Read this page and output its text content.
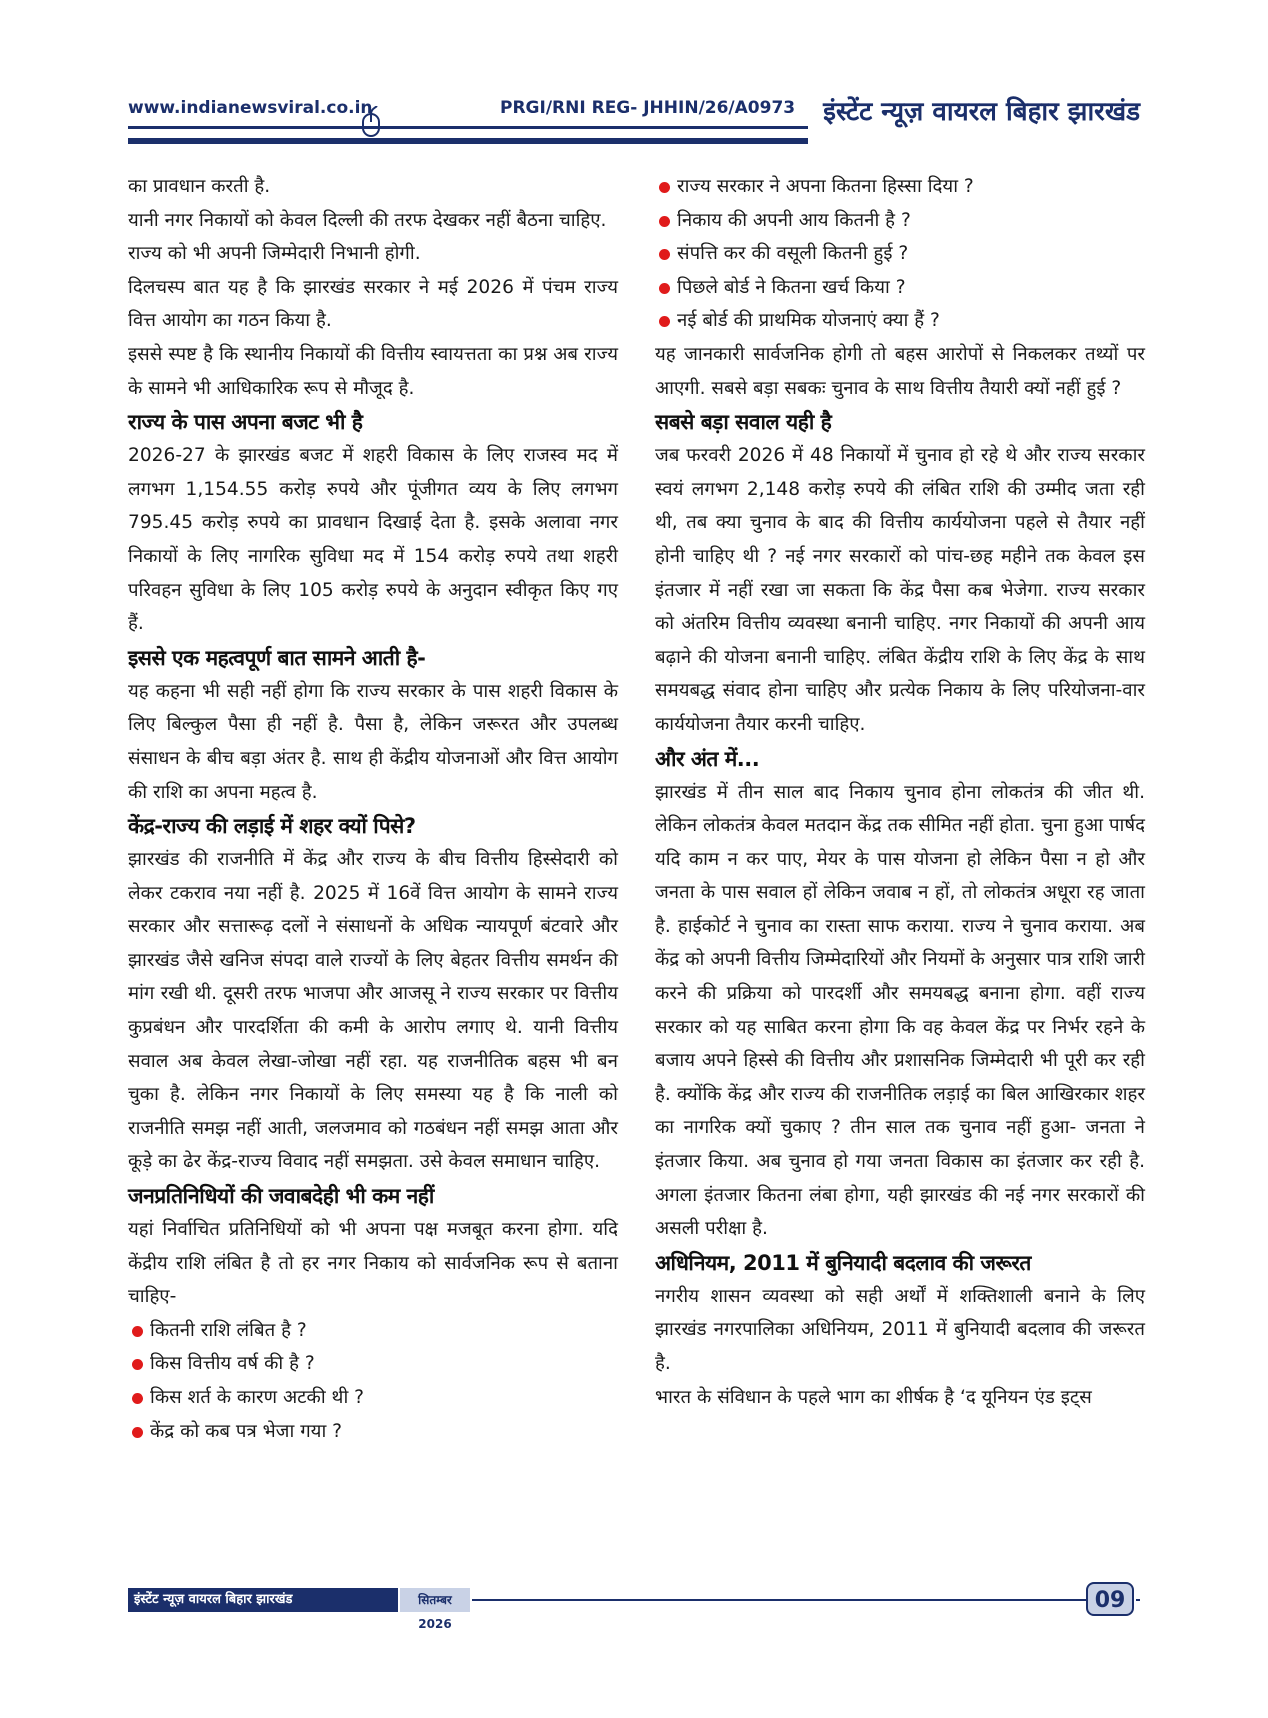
www.indianewsviral.co.in	PRGI/RNI REG- JHHIN/26/A0973 इंस्टेंट न्यूज़ वायरल बिहार झारखंड

का प्रावधान करती है.

यानी नगर निकायों को केवल दिल्ली की तरफ देखकर नहीं बैठना चाहिए.

राज्य को भी अपनी जिम्मेदारी निभानी होगी.

दिलचस्प बात यह है कि झारखंड सरकार ने मई 2026 में पंचम राज्य वित्त आयोग का गठन किया है.

इससे स्पष्ट है कि स्थानीय निकायों की वित्तीय स्वायत्तता का प्रश्न अब राज्य के सामने भी आधिकारिक रूप से मौजूद है.

राज्य के पास अपना बजट भी है

2026-27 के झारखंड बजट में शहरी विकास के लिए राजस्व मद में लगभग 1,154.55 करोड़ रुपये और पूंजीगत व्यय के लिए लगभग 795.45 करोड़ रुपये का प्रावधान दिखाई देता है. इसके अलावा नगर निकायों के लिए नागरिक सुविधा मद में 154 करोड़ रुपये तथा शहरी परिवहन सुविधा के लिए 105 करोड़ रुपये के अनुदान स्वीकृत किए गए हैं.

इससे एक महत्वपूर्ण बात सामने आती है-

यह कहना भी सही नहीं होगा कि राज्य सरकार के पास शहरी विकास के लिए बिल्कुल पैसा ही नहीं है. पैसा है, लेकिन जरूरत और उपलब्ध संसाधन के बीच बड़ा अंतर है. साथ ही केंद्रीय योजनाओं और वित्त आयोग की राशि का अपना महत्व है.

केंद्र-राज्य की लड़ाई में शहर क्यों पिसे?

झारखंड की राजनीति में केंद्र और राज्य के बीच वित्तीय हिस्सेदारी को लेकर टकराव नया नहीं है. 2025 में 16वें वित्त आयोग के सामने राज्य सरकार और सत्तारूढ़ दलों ने संसाधनों के अधिक न्यायपूर्ण बंटवारे और झारखंड जैसे खनिज संपदा वाले राज्यों के लिए बेहतर वित्तीय समर्थन की मांग रखी थी. दूसरी तरफ भाजपा और आजसू ने राज्य सरकार पर वित्तीय कुप्रबंधन और पारदर्शिता की कमी के आरोप लगाए थे. यानी वित्तीय सवाल अब केवल लेखा-जोखा नहीं रहा. यह राजनीतिक बहस भी बन चुका है. लेकिन नगर निकायों के लिए समस्या यह है कि नाली को राजनीति समझ नहीं आती, जलजमाव को गठबंधन नहीं समझ आता और कूड़े का ढेर केंद्र-राज्य विवाद नहीं समझता. उसे केवल समाधान चाहिए.

जनप्रतिनिधियों की जवाबदेही भी कम नहीं

यहां निर्वाचित प्रतिनिधियों को भी अपना पक्ष मजबूत करना होगा. यदि केंद्रीय राशि लंबित है तो हर नगर निकाय को सार्वजनिक रूप से बताना चाहिए-

कितनी राशि लंबित है ?
किस वित्तीय वर्ष की है ?
किस शर्त के कारण अटकी थी ?
केंद्र को कब पत्र भेजा गया ?
राज्य सरकार ने अपना कितना हिस्सा दिया ?
निकाय की अपनी आय कितनी है ?
संपत्ति कर की वसूली कितनी हुई ?
पिछले बोर्ड ने कितना खर्च किया ?
नई बोर्ड की प्राथमिक योजनाएं क्या हैं ?

यह जानकारी सार्वजनिक होगी तो बहस आरोपों से निकलकर तथ्यों पर आएगी. सबसे बड़ा सबकः चुनाव के साथ वित्तीय तैयारी क्यों नहीं हुई ?

सबसे बड़ा सवाल यही है

जब फरवरी 2026 में 48 निकायों में चुनाव हो रहे थे और राज्य सरकार स्वयं लगभग 2,148 करोड़ रुपये की लंबित राशि की उम्मीद जता रही थी, तब क्या चुनाव के बाद की वित्तीय कार्ययोजना पहले से तैयार नहीं होनी चाहिए थी ? नई नगर सरकारों को पांच-छह महीने तक केवल इस इंतजार में नहीं रखा जा सकता कि केंद्र पैसा कब भेजेगा. राज्य सरकार को अंतरिम वित्तीय व्यवस्था बनानी चाहिए. नगर निकायों की अपनी आय बढ़ाने की योजना बनानी चाहिए. लंबित केंद्रीय राशि के लिए केंद्र के साथ समयबद्ध संवाद होना चाहिए और प्रत्येक निकाय के लिए परियोजना-वार कार्ययोजना तैयार करनी चाहिए.

और अंत में...

झारखंड में तीन साल बाद निकाय चुनाव होना लोकतंत्र की जीत थी. लेकिन लोकतंत्र केवल मतदान केंद्र तक सीमित नहीं होता. चुना हुआ पार्षद यदि काम न कर पाए, मेयर के पास योजना हो लेकिन पैसा न हो और जनता के पास सवाल हों लेकिन जवाब न हों, तो लोकतंत्र अधूरा रह जाता है. हाईकोर्ट ने चुनाव का रास्ता साफ कराया. राज्य ने चुनाव कराया. अब केंद्र को अपनी वित्तीय जिम्मेदारियों और नियमों के अनुसार पात्र राशि जारी करने की प्रक्रिया को पारदर्शी और समयबद्ध बनाना होगा. वहीं राज्य सरकार को यह साबित करना होगा कि वह केवल केंद्र पर निर्भर रहने के बजाय अपने हिस्से की वित्तीय और प्रशासनिक जिम्मेदारी भी पूरी कर रही है. क्योंकि केंद्र और राज्य की राजनीतिक लड़ाई का बिल आखिरकार शहर का नागरिक क्यों चुकाए ? तीन साल तक चुनाव नहीं हुआ- जनता ने इंतजार किया. अब चुनाव हो गया जनता विकास का इंतजार कर रही है. अगला इंतजार कितना लंबा होगा, यही झारखंड की नई नगर सरकारों की असली परीक्षा है.

अधिनियम, 2011 में बुनियादी बदलाव की जरूरत

नगरीय शासन व्यवस्था को सही अर्थों में शक्तिशाली बनाने के लिए झारखंड नगरपालिका अधिनियम, 2011 में बुनियादी बदलाव की जरूरत है.

भारत के संविधान के पहले भाग का शीर्षक है ‘द यूनियन एंड इट्स

इंस्टेंट न्यूज़ वायरल बिहार झारखंड	सितम्बर 2026
09
